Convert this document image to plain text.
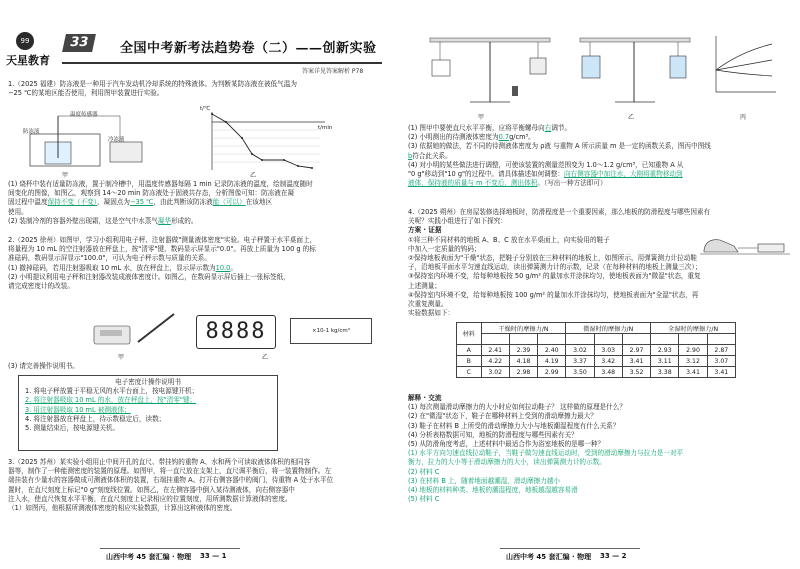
99
天星教育
33	全国中考新考法趋势卷（二）——创新实验
答案详见答案解析 P78
1.（2025 福建）防冻液是一种用于汽车发动机冷却系统的特殊液体。为判断某防冻液在被低气温为
−25 ℃的某地区能否使用，利用图甲装置进行实验。
温度传感器
防冻液
冷冻液
甲
t/℃
t/min
乙
(1) 烧杯中装有适量防冻液，置于制冷槽中，用温度传感器每隔 1 min 记录防冻液的温度，绘制温度随时
间变化的图像，如图乙，观察到 14～20 min 防冻液处于固液共存态，分析图像可知：防冻液在凝
固过程中温度保持不变（不变），凝固点为−35 ℃，由此判断该防冻液能（可以）在该地区
使用。
(2) 装制冷剂的容器外壁出现霜，这是空气中水蒸气凝华形成的。
2.（2025 徐州）如图甲，学习小组利用电子秤、注射器做"测量液体密度"实验。电子秤置于水平桌面上，
将量程为 10 mL 的空注射器放在秤盘上，按"清零"键，数码显示屏显示"0.0"。再放上质量为 100 g 的标
准砝码，数码显示屏显示"100.0"，可认为电子秤示数与质量的关系。
(1) 撤掉砝码，若用注射器吸取 10 mL 水，放在秤盘上，显示屏示数为10.0。
(2) 小明提议利用电子秤和注射器改装成液体密度计。如图乙，在数码显示屏后插上一张标签纸，
请完成密度计的改装。
甲
8888	×10-1 kg/cm³
乙
(3) 请完善操作说明书。
电子密度计操作说明书
1. 将电子秤放置于平稳无风的水平台面上，按电源键开机；
2. 将注射器吸取 10 mL 的水，放在秤盘上，按"清零"键；
3. 用注射器吸取 10 mL 被测液体；
4. 将注射器放在秤盘上，待示数稳定后，读数；
5. 测量结束后，按电源键关机。
3.（2025 苏州）某实验小组用止中间开孔的直尺、带挂钩的重物 A、水和两个可读取液体体积的相同容
器等，制作了一种能测密度的装置的原理。如图甲，将一直尺放在支架上，直尺调平衡后，将一装置物制作。左
端挂装有少量水的容器做成可测液体体积的装置，右端挂重物 A。打开右侧容器中的阀门，待重物 A 处于水平位
置时，在直尺刻度上标记"0 g"刻度线位置。如图乙，在左侧容器中倒入某待测液体，向右侧容器中
注入水，使直尺恢复水平平衡，在直尺刻度上记录相应的位置刻度，用所测数据计算液体的密度。
（1）如图丙，他根据所测液体密度的相应实验数据，计算出这种液体的密度。
山西中考 45 套汇编 · 物理 33 — 1
甲	乙	丙
(1) 图甲中要使直尺水平平衡，应将平衡螺母向右调节。
(2) 小明测出的待测液体密度为0.7g/cm³。
(3) 依据她的做法，若不同的待测液体密度为 ρ液 与重物 A 所示质量 m 是一定的函数关系，图丙中图线
b符合此关系。
(4) 对小明的某些做法进行调整，可使该装置的测量范围变为 1.0～1.2 g/cm³，已知重物 A 从
"0 g"移动到"10 g"的过程中。请具体描述如何调整：向右侧容器中加注水，大刚将重物移动到
液体，保持液的质量与 m 不变后，测出体积。（写出一种方法即可）
4.（2025 朔州）在房屋装修选择地板时，防滑程度是一个重要因素，那么地板的防滑程度与哪些因素有
关呢？实践小组进行了如下探究：
方案 · 证据
①将三种不同材料的地板 A、B、C 放在水平桌面上，向实验用的鞋子
中加入一定质量的钩码；
②保持地板表面为"干燥"状态，把鞋子分别放在三种材料的地板上，如图所示，用弹簧测力计拉动鞋
子，沿地板平面水平匀速直线运动，读出弹簧测力计的示数，记录（在每种材料的地板上测量三次）；
③保持室内环境不变，给每种地板按 50 g/m² 的量加水并涂抹均匀，使地板表面为"微湿"状态，重复
上述测量；
④保持室内环境不变，给每种地板按 100 g/m² 的量加水并涂抹均匀，使地板表面为"全湿"状态，再
次重复测量。
实验数据如下：
材料	干燥时的摩擦力/N			微湿时的摩擦力/N			全湿时的摩擦力/N		

A	2.41	2.39	2.40	3.02	3.03	2.97	2.93	2.90	2.87
B	4.22	4.18	4.19	3.37	3.42	3.41	3.11	3.12	3.07
C	3.02	2.98	2.99	3.50	3.48	3.52	3.38	3.41	3.41
解释 · 交流
(1) 每次测量滑动摩擦力的大小时应如何拉动鞋子？ 这样做的原理是什么？
(2) 在"微湿"状态下，鞋子在哪种材料上受到的滑动摩擦力最大？
(3) 鞋子在材料 B 上所受的滑动摩擦力大小与地板潮湿程度有什么关系？
(4) 分析表格数据可知，地板的防滑程度与哪些因素有关？
(5) 从防滑角度考虑，上述材料中最适合作为浴室地板的是哪一种？
(1) 水平方向匀速直线拉动鞋子，当鞋子做匀速直线运动时，受到的滑动摩擦力与拉力是一对平
衡力，拉力的大小等于滑动摩擦力的大小，读出弹簧测力计的示数。
(2) 材料 C
(3) 在材料 B 上，随着地面越潮湿，滑动摩擦力越小
(4) 地板的材料种类、地板的潮湿程度，地板越湿越容易滑
(5) 材料 C
山西中考 45 套汇编 · 物理 33 — 2
